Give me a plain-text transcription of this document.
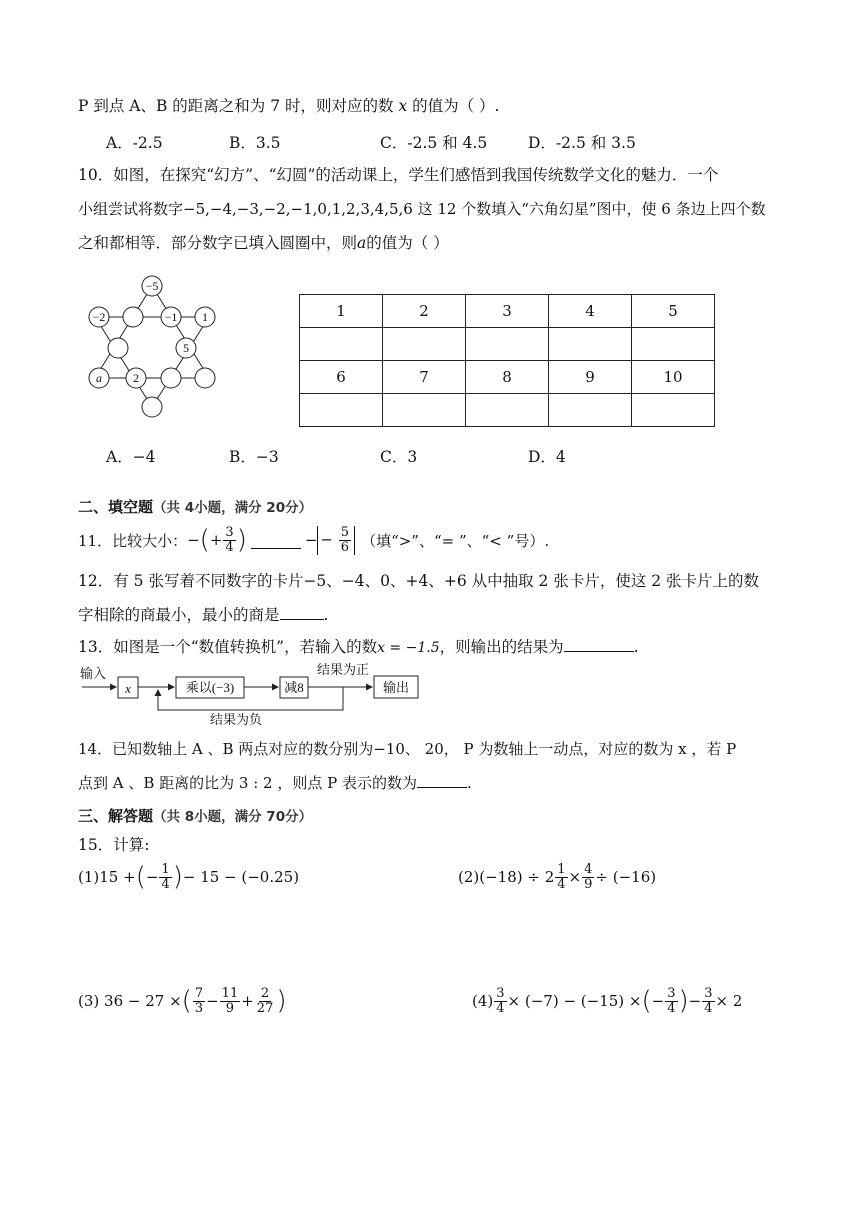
P 到点 A、B 的距离之和为 7 时，则对应的数 x 的值为（ ）.
A．-2.5	B．3.5	C．-2.5 和 4.5	D．-2.5 和 3.5
10．如图，在探究“幻方”、“幻圆”的活动课上，学生们感悟到我国传统数学文化的魅力．一个
小组尝试将数字−5,−4,−3,−2,−1,0,1,2,3,4,5,6 这 12 个数填入“六角幻星”图中，使 6 条边上四个数
之和都相等．部分数字已填入圆圈中，则a的值为（ ）
−5
−2	−1 1
5
a	2
1	2	3	4	5

6	7	8	9	10

A．−4	B．−3	C．3	D．4
二、填空题（共 4小题，满分 20分）
11．比较大小： − ( + $\frac{3}{4}$ )	− − $\frac{5}{6}$ （填“>”、“= ”、“< ”号）.
12．有 5 张写着不同数字的卡片−5、−4、0、+4、+6 从中抽取 2 张卡片，使这 2 张卡片上的数
字相除的商最小，最小的商是	.
13．如图是一个“数值转换机”，若输入的数x = −1.5，则输出的结果为	.
输入
x	乘以(−3)	减8	输出
结果为正
结果为负
14．已知数轴上 A 、B 两点对应的数分别为−10、 20， P 为数轴上一动点，对应的数为 x ，若 P
点到 A 、B 距离的比为 3 : 2 ，则点 P 表示的数为	.
三、解答题（共 8小题，满分 70分）
15．计算:
(1) 15 + ( − $\frac{1}{4}$ ) − 15 − (−0.25)	(2) $(-18) \div 2 \frac{1}{4} \times \frac{4}{9} \div (-16)$
(3)
36 − 27 × ( $\frac{7}{3} - \frac{11}{9} + \frac{2}{27}$ )	$(4) \frac{3}{4} \times (-7) - (-15)$ × ( − $\frac{3}{4}$ ) − $\frac{3}{4} \times 2$
